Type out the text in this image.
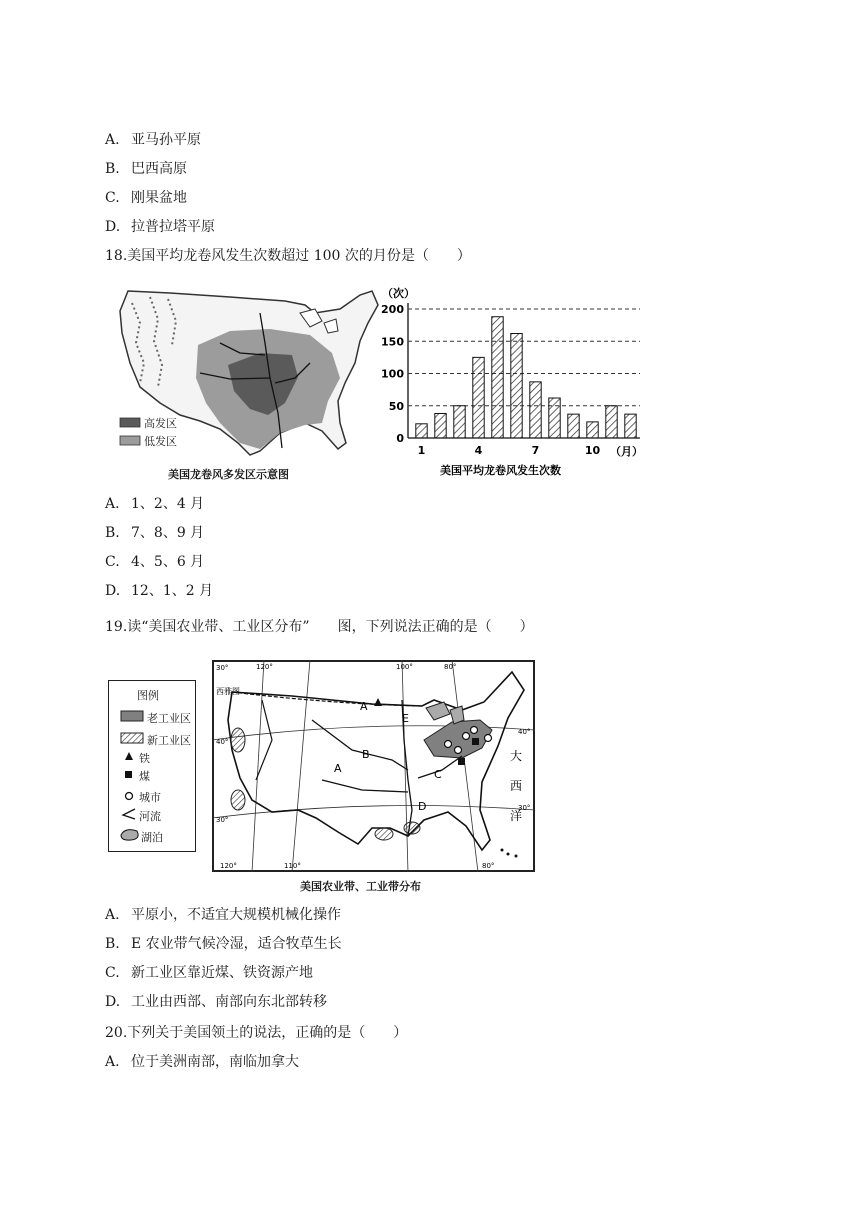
A. 亚马孙平原
B. 巴西高原
C. 刚果盆地
D. 拉普拉塔平原
18.美国平均龙卷风发生次数超过 100 次的月份是（　　）
高发区
低发区
美国龙卷风多发区示意图
（次）
（月）
美国平均龙卷风发生次数
0
50
100
150
200
1	4	7	10
A. 1、2、4 月
B. 7、8、9 月
C. 4、5、6 月
D. 12、1、2 月
19.读“美国农业带、工业区分布”　　图，下列说法正确的是（　　）
图例
老工业区
新工业区
铁
煤
城市
河流
湖泊
A
B
A	C
D
E
大
西
洋
西雅图
120°	100°	80°
120°	110°	80°
30°
40°
30°
40°
30°
美国农业带、工业带分布
A. 平原小，不适宜大规模机械化操作
B. E 农业带气候冷湿，适合牧草生长
C. 新工业区靠近煤、铁资源产地
D. 工业由西部、南部向东北部转移
20.下列关于美国领土的说法，正确的是（　　）
A. 位于美洲南部，南临加拿大
